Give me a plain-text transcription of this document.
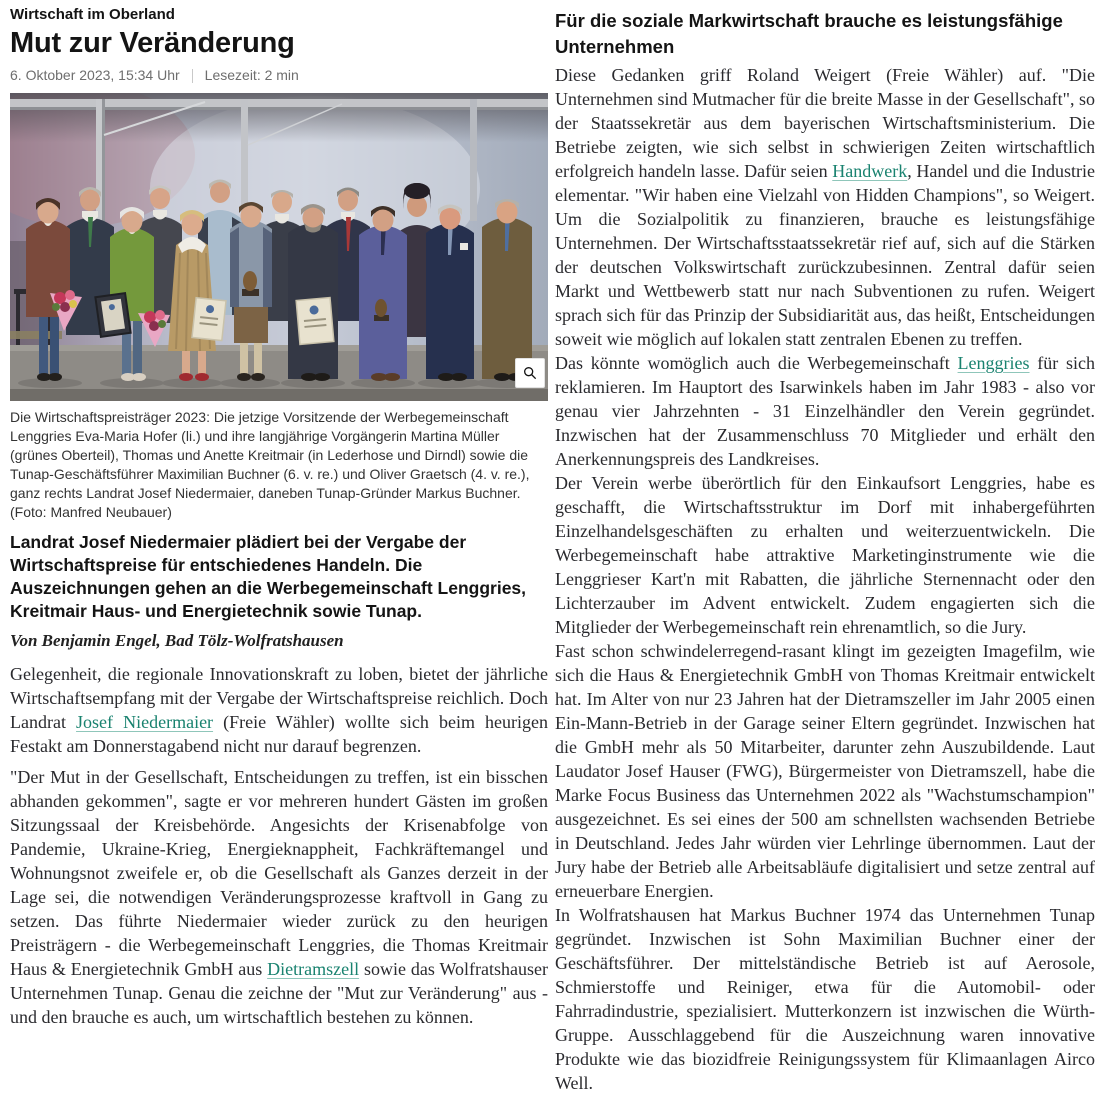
Wirtschaft im Oberland
Mut zur Veränderung
6. Oktober 2023, 15:34 Uhr Lesezeit: 2 min

Die Wirtschaftspreisträger 2023: Die jetzige Vorsitzende der Werbegemeinschaft Lenggries Eva-Maria Hofer (li.) und ihre langjährige Vorgängerin Martina Müller (grünes Oberteil), Thomas und Anette Kreitmair (in Lederhose und Dirndl) sowie die Tunap-Geschäftsführer Maximilian Buchner (6. v. re.) und Oliver Graetsch (4. v. re.), ganz rechts Landrat Josef Niedermaier, daneben Tunap-Gründer Markus Buchner. (Foto: Manfred Neubauer)

Landrat Josef Niedermaier plädiert bei der Vergabe der Wirtschaftspreise für entschiedenes Handeln. Die Auszeichnungen gehen an die Werbegemeinschaft Lenggries, Kreitmair Haus- und Energietechnik sowie Tunap.

Von Benjamin Engel, Bad Tölz-Wolfratshausen

Gelegenheit, die regionale Innovationskraft zu loben, bietet der jährliche Wirtschaftsempfang mit der Vergabe der Wirtschaftspreise reichlich. Doch Landrat Josef Niedermaier (Freie Wähler) wollte sich beim heurigen Festakt am Donnerstagabend nicht nur darauf begrenzen.

"Der Mut in der Gesellschaft, Entscheidungen zu treffen, ist ein bisschen abhanden gekommen", sagte er vor mehreren hundert Gästen im großen Sitzungssaal der Kreisbehörde. Angesichts der Krisenabfolge von Pandemie, Ukraine-Krieg, Energieknappheit, Fachkräftemangel und Wohnungsnot zweifele er, ob die Gesellschaft als Ganzes derzeit in der Lage sei, die notwendigen Veränderungsprozesse kraftvoll in Gang zu setzen. Das führte Niedermaier wieder zurück zu den heurigen Preisträgern - die Werbegemeinschaft Lenggries, die Thomas Kreitmair Haus & Energietechnik GmbH aus Dietramszell sowie das Wolfratshauser Unternehmen Tunap. Genau die zeichne der "Mut zur Veränderung" aus - und den brauche es auch, um wirtschaftlich bestehen zu können.

Für die soziale Markwirtschaft brauche es leistungsfähige Unternehmen

Diese Gedanken griff Roland Weigert (Freie Wähler) auf. "Die Unternehmen sind Mutmacher für die breite Masse in der Gesellschaft", so der Staatssekretär aus dem bayerischen Wirtschaftsministerium. Die Betriebe zeigten, wie sich selbst in schwierigen Zeiten wirtschaftlich erfolgreich handeln lasse. Dafür seien Handwerk, Handel und die Industrie elementar. "Wir haben eine Vielzahl von Hidden Champions", so Weigert. Um die Sozialpolitik zu finanzieren, brauche es leistungsfähige Unternehmen. Der Wirtschaftsstaatssekretär rief auf, sich auf die Stärken der deutschen Volkswirtschaft zurückzubesinnen. Zentral dafür seien Markt und Wettbewerb statt nur nach Subventionen zu rufen. Weigert sprach sich für das Prinzip der Subsidiarität aus, das heißt, Entscheidungen soweit wie möglich auf lokalen statt zentralen Ebenen zu treffen.

Das könnte womöglich auch die Werbegemeinschaft Lenggries für sich reklamieren. Im Hauptort des Isarwinkels haben im Jahr 1983 - also vor genau vier Jahrzehnten - 31 Einzelhändler den Verein gegründet. Inzwischen hat der Zusammenschluss 70 Mitglieder und erhält den Anerkennungspreis des Landkreises.

Der Verein werbe überörtlich für den Einkaufsort Lenggries, habe es geschafft, die Wirtschaftsstruktur im Dorf mit inhabergeführten Einzelhandelsgeschäften zu erhalten und weiterzuentwickeln. Die Werbegemeinschaft habe attraktive Marketinginstrumente wie die Lenggrieser Kart'n mit Rabatten, die jährliche Sternennacht oder den Lichterzauber im Advent entwickelt. Zudem engagierten sich die Mitglieder der Werbegemeinschaft rein ehrenamtlich, so die Jury.

Fast schon schwindelerregend-rasant klingt im gezeigten Imagefilm, wie sich die Haus & Energietechnik GmbH von Thomas Kreitmair entwickelt hat. Im Alter von nur 23 Jahren hat der Dietramszeller im Jahr 2005 einen Ein-Mann-Betrieb in der Garage seiner Eltern gegründet. Inzwischen hat die GmbH mehr als 50 Mitarbeiter, darunter zehn Auszubildende. Laut Laudator Josef Hauser (FWG), Bürgermeister von Dietramszell, habe die Marke Focus Business das Unternehmen 2022 als "Wachstumschampion" ausgezeichnet. Es sei eines der 500 am schnellsten wachsenden Betriebe in Deutschland. Jedes Jahr würden vier Lehrlinge übernommen. Laut der Jury habe der Betrieb alle Arbeitsabläufe digitalisiert und setze zentral auf erneuerbare Energien.

In Wolfratshausen hat Markus Buchner 1974 das Unternehmen Tunap gegründet. Inzwischen ist Sohn Maximilian Buchner einer der Geschäftsführer. Der mittelständische Betrieb ist auf Aerosole, Schmierstoffe und Reiniger, etwa für die Automobil- oder Fahrradindustrie, spezialisiert. Mutterkonzern ist inzwischen die Würth-Gruppe. Ausschlaggebend für die Auszeichnung waren innovative Produkte wie das biozidfreie Reinigungssystem für Klimaanlagen Airco Well.
